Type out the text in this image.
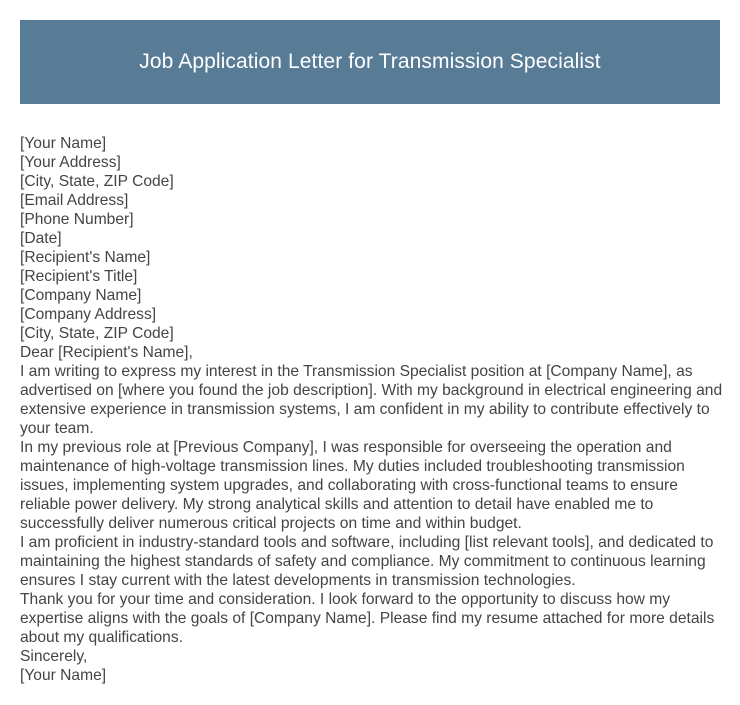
Job Application Letter for Transmission Specialist
[Your Name]
[Your Address]
[City, State, ZIP Code]
[Email Address]
[Phone Number]
[Date]
[Recipient's Name]
[Recipient's Title]
[Company Name]
[Company Address]
[City, State, ZIP Code]
Dear [Recipient's Name],

I am writing to express my interest in the Transmission Specialist position at [Company Name], as advertised on [where you found the job description]. With my background in electrical engineering and extensive experience in transmission systems, I am confident in my ability to contribute effectively to your team.

In my previous role at [Previous Company], I was responsible for overseeing the operation and maintenance of high-voltage transmission lines. My duties included troubleshooting transmission issues, implementing system upgrades, and collaborating with cross-functional teams to ensure reliable power delivery. My strong analytical skills and attention to detail have enabled me to successfully deliver numerous critical projects on time and within budget.

I am proficient in industry-standard tools and software, including [list relevant tools], and dedicated to maintaining the highest standards of safety and compliance. My commitment to continuous learning ensures I stay current with the latest developments in transmission technologies.

Thank you for your time and consideration. I look forward to the opportunity to discuss how my expertise aligns with the goals of [Company Name]. Please find my resume attached for more details about my qualifications.

Sincerely,
[Your Name]
